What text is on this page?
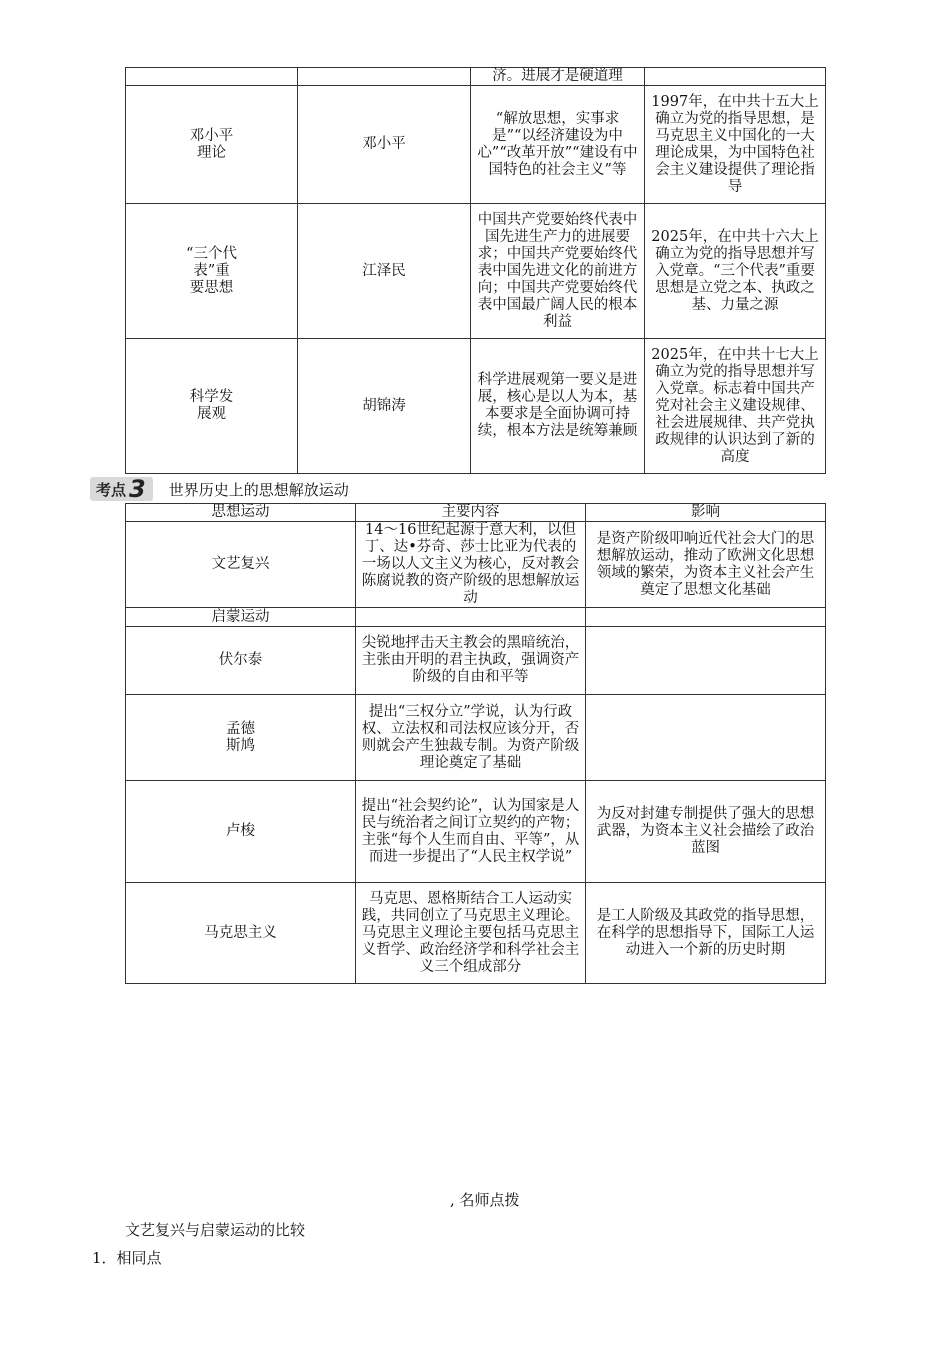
		济。进展才是硬道理	
邓小平
理论	邓小平	“解放思想，实事求是”“以经济建设为中心”“改革开放”“建设有中国特色的社会主义”等	1997年，在中共十五大上确立为党的指导思想，是马克思主义中国化的一大理论成果，为中国特色社会主义建设提供了理论指导
“三个代
表”重
要思想	江泽民	中国共产党要始终代表中国先进生产力的进展要求；中国共产党要始终代表中国先进文化的前进方向；中国共产党要始终代表中国最广阔人民的根本利益	2025年，在中共十六大上确立为党的指导思想并写入党章。“三个代表”重要思想是立党之本、执政之基、力量之源
科学发
展观	胡锦涛	科学进展观第一要义是进展，核心是以人为本，基本要求是全面协调可持续，根本方法是统筹兼顾	2025年，在中共十七大上确立为党的指导思想并写入党章。标志着中国共产党对社会主义建设规律、社会进展规律、共产党执政规律的认识达到了新的高度
考点 3 世界历史上的思想解放运动
思想运动	主要内容	影响
文艺复兴	14～16世纪起源于意大利，以但丁、达•芬奇、莎士比亚为代表的一场以人文主义为核心，反对教会陈腐说教的资产阶级的思想解放运动	是资产阶级叩响近代社会大门的思想解放运动，推动了欧洲文化思想领域的繁荣，为资本主义社会产生奠定了思想文化基础
启蒙运动		
伏尔泰	尖锐地抨击天主教会的黑暗统治，主张由开明的君主执政，强调资产阶级的自由和平等	
孟德
斯鸠	提出“三权分立”学说，认为行政权、立法权和司法权应该分开，否则就会产生独裁专制。为资产阶级理论奠定了基础	
卢梭	提出“社会契约论”，认为国家是人民与统治者之间订立契约的产物；主张“每个人生而自由、平等”，从而进一步提出了“人民主权学说”	为反对封建专制提供了强大的思想武器，为资本主义社会描绘了政治蓝图
马克思主义	马克思、恩格斯结合工人运动实践，共同创立了马克思主义理论。马克思主义理论主要包括马克思主义哲学、政治经济学和科学社会主义三个组成部分	是工人阶级及其政党的指导思想，在科学的思想指导下，国际工人运动进入一个新的历史时期
, 名师点拨
文艺复兴与启蒙运动的比较
1．相同点
